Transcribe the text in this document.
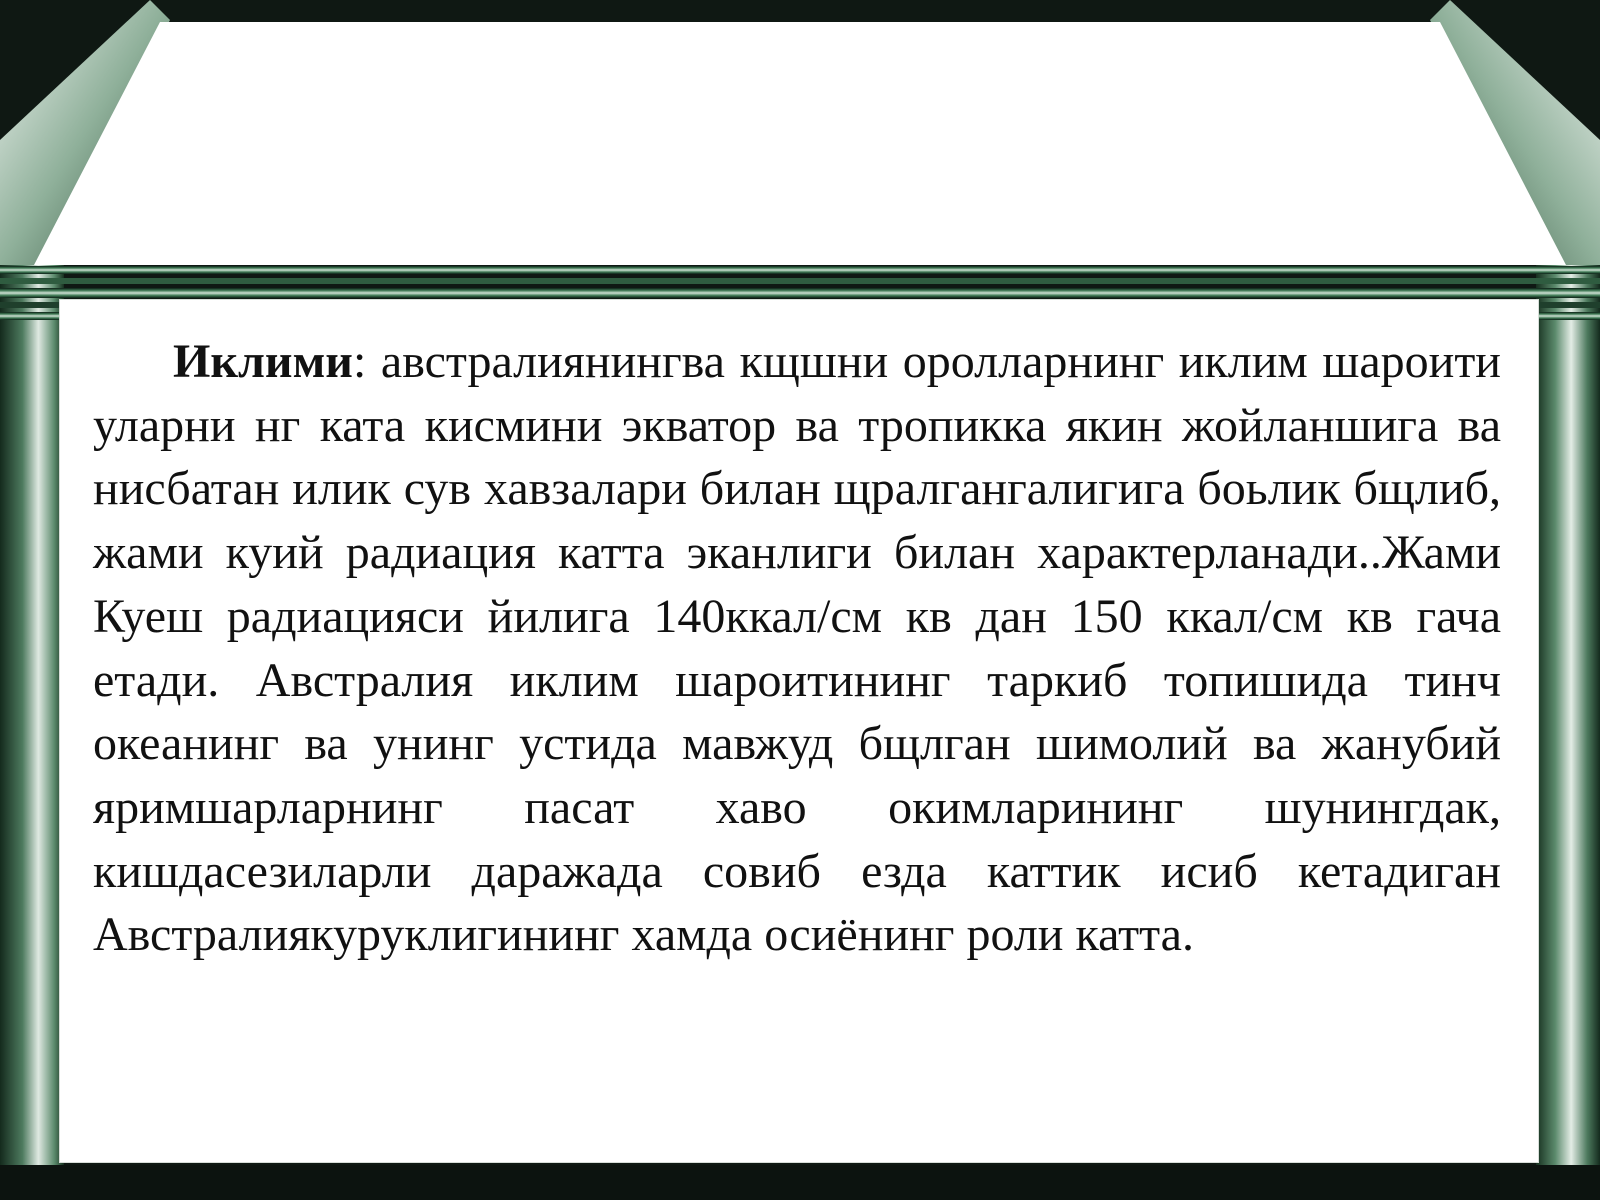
Иклими: австралиянингва кщшни оролларнинг иклим шароити уларни нг ката кисмини экватор ва тропикка якин жойланшига ва нисбатан илик сув хавзалари билан щралгангалигига боьлик бщлиб, жами куий радиация катта эканлиги билан характерланади..Жами Куеш радиацияси йилига 140ккал/см кв дан 150 ккал/см кв гача етади. Австралия иклим шароитининг таркиб топишида тинч океанинг ва унинг устида мавжуд бщлган шимолий ва жанубий яримшарларнинг пасат хаво окимларининг шунингдак, кишдасезиларли даражада совиб езда каттик исиб кетадиган Австралиякуруклигининг хамда осиёнинг роли катта.
